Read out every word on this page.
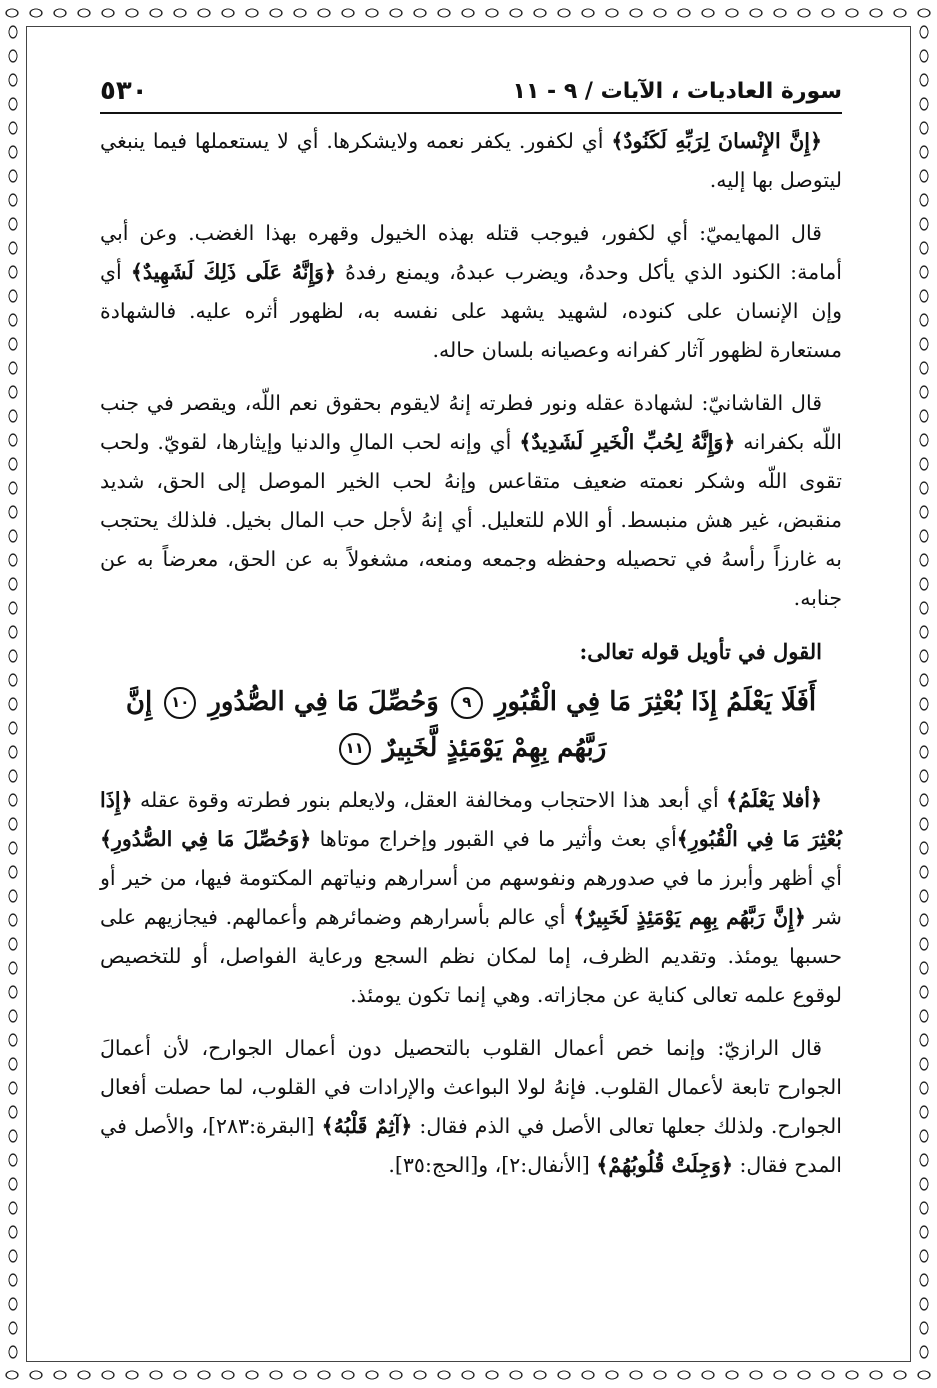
سورة العاديات ، الآيات / ٩ - ١١
٥٣٠

﴿إِنَّ الإِنْسانَ لِرَبِّهِ لَكَنُودٌ﴾ أي لكفور. يكفر نعمه ولايشكرها. أي لا يستعملها فيما ينبغي ليتوصل بها إليه.

قال المهايميّ: أي لكفور، فيوجب قتله بهذه الخيول وقهره بهذا الغضب. وعن أبي أمامة: الكنود الذي يأكل وحدهُ، ويضرب عبدهُ، ويمنع رفدهُ ﴿وَإِنَّهُ عَلَى ذَلِكَ لَشَهِيدٌ﴾ أي وإن الإنسان على كنوده، لشهيد يشهد على نفسه به، لظهور أثره عليه. فالشهادة مستعارة لظهور آثار كفرانه وعصيانه بلسان حاله.

قال القاشانيّ: لشهادة عقله ونور فطرته إنهُ لايقوم بحقوق نعم اللّه، ويقصر في جنب اللّه بكفرانه ﴿وَإِنَّهُ لِحُبِّ الْخَيرِ لَشَدِيدٌ﴾ أي وإنه لحب المالِ والدنيا وإيثارها، لقويّ. ولحب تقوى اللّه وشكر نعمته ضعيف متقاعس وإنهُ لحب الخير الموصل إلى الحق، شديد منقبض، غير هش منبسط. أو اللام للتعليل. أي إنهُ لأجل حب المال بخيل. فلذلك يحتجب به غارزاً رأسهُ في تحصيله وحفظه وجمعه ومنعه، مشغولاً به عن الحق، معرضاً به عن جنابه.

القول في تأويل قوله تعالى:
أَفَلَا يَعْلَمُ إِذَا بُعْثِرَ مَا فِي الْقُبُورِ ٩ وَحُصِّلَ مَا فِي الصُّدُورِ ١٠ إِنَّ رَبَّهُم بِهِمْ يَوْمَئِذٍ لَّخَبِيرٌ ١١

﴿أفلا يَعْلَمُ﴾ أي أبعد هذا الاحتجاب ومخالفة العقل، ولايعلم بنور فطرته وقوة عقله ﴿إِذَا بُعْثِرَ مَا فِي الْقُبُورِ﴾أي بعث وأثير ما في القبور وإخراج موتاها ﴿وَحُصِّلَ مَا فِي الصُّدُورِ﴾ أي أظهر وأبرز ما في صدورهم ونفوسهم من أسرارهم ونياتهم المكتومة فيها، من خير أو شر ﴿إِنَّ رَبَّهُم بِهِم يَوْمَئِذٍ لَخَبِيرٌ﴾ أي عالم بأسرارهم وضمائرهم وأعمالهم. فيجازيهم على حسبها يومئذ. وتقديم الظرف، إما لمكان نظم السجع ورعاية الفواصل، أو للتخصيص لوقوع علمه تعالى كناية عن مجازاته. وهي إنما تكون يومئذ.

قال الرازيّ: وإنما خص أعمال القلوب بالتحصيل دون أعمال الجوارح، لأن أعمالَ الجوارح تابعة لأعمال القلوب. فإنهُ لولا البواعث والإرادات في القلوب، لما حصلت أفعال الجوارح. ولذلك جعلها تعالى الأصل في الذم فقال: ﴿آثِمٌ قَلْبُهُ﴾ [البقرة:٢٨٣]، والأصل في المدح فقال: ﴿وَجِلَتْ قُلُوبُهُمْ﴾ [الأنفال:٢]، و[الحج:٣٥].
